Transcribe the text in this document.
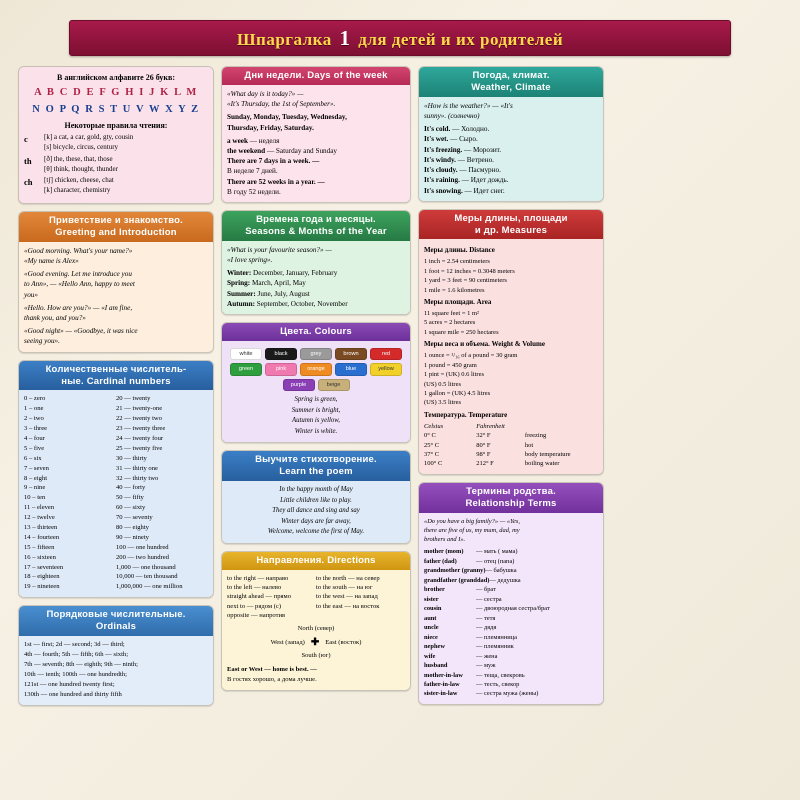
Шпаргалка 1 для детей и их родителей
В английском алфавите 26 букв:
A B C D E F G H I J K L M
N O P Q R S T U V W X Y Z
Некоторые правила чтения:
c	[k] a cat, a car, gold, gty, cousin
[s] bicycle, circus, century
th	[ð] the, these, that, those
[θ] think, thought, thunder
ch	[tʃ] chicken, cheese, chat
[k] character, chemistry
Приветствие и знакомство.
Greeting and Introduction
«Good morning. What's your name?»
«My name is Alex»
«Good evening. Let me introduce you
to Ann», — «Hello Ann, happy to meet
you»
«Hello. How are you?» — «I am fine,
thank you, and you?»
«Good night» — «Goodbye, it was nice
seeing you».
Количественные числитель-
ные. Cardinal numbers
0 – zero	20 — twenty
1 – one	21 — twenty-one
2 – two	22 — twenty two
3 – three	23 — twenty three
4 – four	24 — twenty four
5 – five	25 — twenty five
6 – six	30 — thirty
7 – seven	31 — thirty one
8 – eight	32 — thirty two
9 – nine	40 — forty
10 – ten	50 — fifty
11 – eleven	60 — sixty
12 – twelve	70 — seventy
13 – thirteen	80 — eighty
14 – fourteen	90 — ninety
15 – fifteen	100 — one hundred
16 – sixteen	200 — two hundred
17 – seventeen	1,000 — one thousand
18 – eighteen	10,000 — ten thousand
19 – nineteen	1,000,000 — one million
Порядковые числительные.
Ordinals
1st — first; 2d — second; 3d — third;
4th — fourth; 5th — fifth; 6th — sixth;
7th — seventh; 8th — eighth; 9th — ninth;
10th — tenth; 100th — one hundredth;
121st — one hundred twenty first;
130th — one hundred and thirty fifth
Дни недели. Days of the week
«What day is it today?» —
«It's Thursday, the 1st of September».
Sunday, Monday, Tuesday, Wednesday,
Thursday, Friday, Saturday.
a week — неделя
the weekend — Saturday and Sunday
There are 7 days in a week. —
В неделе 7 дней.
There are 52 weeks in a year. —
В году 52 недели.
Времена года и месяцы.
Seasons & Months of the Year
«What is your favourite season?» —
«I love spring».
Winter: December, January, February
Spring: March, April, May
Summer: June, July, August
Autumn: September, October, November
Цвета. Colours
white	black	grey	brown	red
green	pink	orange	blue	yellow
purple	beige
Spring is green,
Summer is bright,
Autumn is yellow,
Winter is white.
Выучите стихотворение.
Learn the poem
In the happy month of May
Little children like to play.
They all dance and sing and say
Winter days are far away,
Welcome, welcome the first of May.
Направления. Directions
to the right — направо	to the north — на север
to the left — налево	to the south — на юг
straight ahead — прямо	to the west — на запад
next to — рядом (с)	to the east — на восток
opposite — напротив
North (север)
West (запад) ✚ East (восток)
South (юг)
East or West — home is best. —
В гостях хорошо, а дома лучше.
Погода, климат.
Weather, Climate
«How is the weather?» — «It's
sunny». (солнечно)
It's cold. — Холодно.
It's wet. — Сыро.
It's freezing. — Морозит.
It's windy. — Ветрено.
It's cloudy. — Пасмурно.
It's raining. — Идет дождь.
It's snowing. — Идет снег.
Меры длины, площади
и др. Measures
Меры длины. Distance
1 inch = 2.54 centimeters
1 foot = 12 inches = 0.3048 meters
1 yard = 3 feet = 90 centimeters
1 mile = 1.6 kilometres
Меры площади. Area
11 square feet = 1 m²
5 acres = 2 hectares
1 square mile = 250 hectares
Меры веса и объема. Weight & Volume
1 ounce = ¹/₁₆ of a pound = 30 gram
1 pound = 450 gram
1 pint = (UK) 0.6 litres
(US) 0.5 litres
1 gallon = (UK) 4.5 litres
(US) 3.5 litres
Температура. Temperature
Celsius	Fahrenheit
0° C	32° F	freezing
25° C	80° F	hot
37° C	98° F	body temperature
100° C	212° F	boiling water
Термины родства.
Relationship Terms
«Do you have a big family?» — «Yes,
there are five of us, my mum, dad, my
brothers and I».
mother (mom)	— мать ( мама)
father (dad)	— отец (папа)
grandmother (granny) — бабушка
grandfather (granddad) — дедушка
brother	— брат
sister	— сестра
cousin	— двоюродная сестра/брат
aunt	— тетя
uncle	— дядя
niece	— племянница
nephew	— племянник
wife	— жена
husband	— муж
mother-in-law	— теща, свекровь
father-in-law	— тесть, свекор
sister-in-law	— сестра мужа (жены)
